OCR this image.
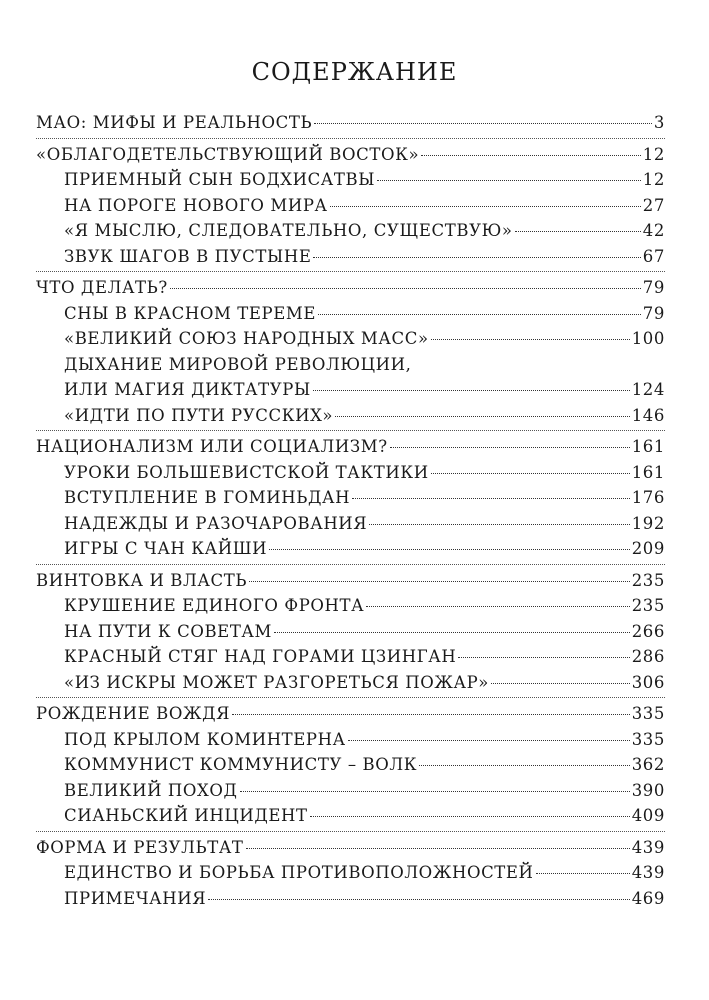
СОДЕРЖАНИЕ
МАО: МИФЫ И РЕАЛЬНОСТЬ	3
«ОБЛАГОДЕТЕЛЬСТВУЮЩИЙ ВОСТОК»	12
ПРИЕМНЫЙ СЫН БОДХИСАТВЫ	12
НА ПОРОГЕ НОВОГО МИРА	27
«Я МЫСЛЮ, СЛЕДОВАТЕЛЬНО, СУЩЕСТВУЮ»	42
ЗВУК ШАГОВ В ПУСТЫНЕ	67
ЧТО ДЕЛАТЬ?	79
СНЫ В КРАСНОМ ТЕРЕМЕ	79
«ВЕЛИКИЙ СОЮЗ НАРОДНЫХ МАСС»	100
ДЫХАНИЕ МИРОВОЙ РЕВОЛЮЦИИ,
ИЛИ МАГИЯ ДИКТАТУРЫ	124
«ИДТИ ПО ПУТИ РУССКИХ»	146
НАЦИОНАЛИЗМ ИЛИ СОЦИАЛИЗМ?	161
УРОКИ БОЛЬШЕВИСТСКОЙ ТАКТИКИ	161
ВСТУПЛЕНИЕ В ГОМИНЬДАН	176
НАДЕЖДЫ И РАЗОЧАРОВАНИЯ	192
ИГРЫ С ЧАН КАЙШИ	209
ВИНТОВКА И ВЛАСТЬ	235
КРУШЕНИЕ ЕДИНОГО ФРОНТА	235
НА ПУТИ К СОВЕТАМ	266
КРАСНЫЙ СТЯГ НАД ГОРАМИ ЦЗИНГАН	286
«ИЗ ИСКРЫ МОЖЕТ РАЗГОРЕТЬСЯ ПОЖАР»	306
РОЖДЕНИЕ ВОЖДЯ	335
ПОД КРЫЛОМ КОМИНТЕРНА	335
КОММУНИСТ КОММУНИСТУ – ВОЛК	362
ВЕЛИКИЙ ПОХОД	390
СИАНЬСКИЙ ИНЦИДЕНТ	409
ФОРМА И РЕЗУЛЬТАТ	439
ЕДИНСТВО И БОРЬБА ПРОТИВОПОЛОЖНОСТЕЙ	439
ПРИМЕЧАНИЯ	469
